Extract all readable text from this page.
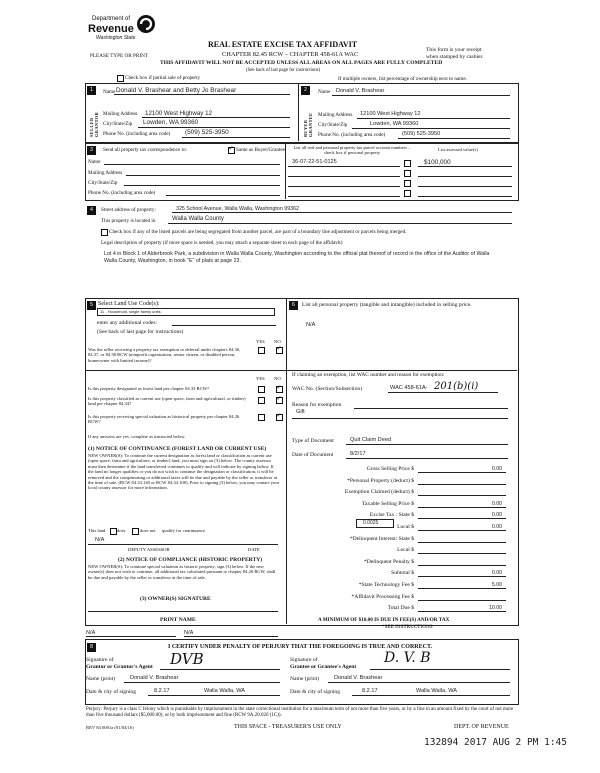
Department of
Revenue
Washington State
REAL ESTATE EXCISE TAX AFFIDAVIT
CHAPTER 82.45 RCW – CHAPTER 458-61A WAC
THIS AFFIDAVIT WILL NOT BE ACCEPTED UNLESS ALL AREAS ON ALL PAGES ARE FULLY COMPLETED
(See back of last page for instructions)
PLEASE TYPE OR PRINT
This form is your receipt
when stamped by cashier.
Check box if partial sale of property	If multiple owners, list percentage of ownership next to name.
1
SELLER GRANTOR
Name Donald V. Brashear and Betty Jo Brashear
Mailing Address 12100 West Highway 12
City/State/Zip Lowden, WA 99360
Phone No. (including area code) (509) 525-3950
2
BUYER GRANTEE
Name Donald V. Brashear
Mailing Address 12100 West Highway 12
City/State/Zip	Lowden, WA 99360
Phone No. (including area code)	(509) 525-3950
3	Send all property tax correspondence to: ✓	Same as Buyer/Grantee
Name
Mailing Address
City/State/Zip
Phone No. (including area code)
List all real and personal property tax parcel account numbers – check box if personal property
List assessed value(s)
36-07-22-51-0125	$100,000
4	Street address of property:	325 School Avenue, Walla Walla, Washington 99362
This property is located in	Walla Walla County
Check box if any of the listed parcels are being segregated from another parcel, are part of a boundary line adjustment or parcels being merged.
Legal description of property (if more space is needed, you may attach a separate sheet to each page of the affidavit)
Lot 4 in Block 1 of Alderbrook Park, a subdivision in Walla Walla County, Washington according to the official plat thereof of record in the office of the Auditor of Walla Walla County, Washington, in book "E" of plats at page 23.
5 Select Land Use Code(s):
11 - Household, single family units
enter any additional codes:
(See back of last page for instructions)
YES NO
Was the seller receiving a property tax exemption or deferral under chapters 84.36, 84.37, or 84.38 RCW (nonprofit organization, senior citizen, or disabled person, homeowner with limited income)?
✓
6	List all personal property (tangible and intangible) included in selling price.
N/A
YES NO
Is this property designated as forest land per chapter 84.33 RCW?
✓
Is this property classified as current use (open space, farm and agricultural, or timber) land per chapter 84.34?
✓
Is this property receiving special valuation as historical property per chapter 84.26 RCW?
✓
If any answers are yes, complete as instructed below.
(1) NOTICE OF CONTINUANCE (FOREST LAND OR CURRENT USE)
NEW OWNER(S): To continue the current designation as forest land or classification as current use (open space, farm and agriculture, or timber) land, you must sign on (3) below. The county assessor must then determine if the land transferred continues to qualify and will indicate by signing below. If the land no longer qualifies or you do not wish to continue the designation or classification, it will be removed and the compensating or additional taxes will be due and payable by the seller or transferor at the time of sale. (RCW 84.33.140 or RCW 84.34.108). Prior to signing (3) below, you may contact your local county assessor for more information.
This land	does	does not qualify for continuance.
N/A
DEPUTY ASSESSOR	DATE
(2) NOTICE OF COMPLIANCE (HISTORIC PROPERTY)
NEW OWNER(S): To continue special valuation as historic property, sign (3) below. If the new owner(s) does not wish to continue, all additional tax calculated pursuant to chapter 84.26 RCW, shall be due and payable by the seller or transferor at the time of sale.
(3) OWNER(S) SIGNATURE
PRINT NAME
N/A	N/A
If claiming an exemption, list WAC number and reason for exemption:
WAC No. (Section/Subsection)	WAC 458-61A- 201(b)(i)
Reason for exemption
Gift
Type of Document	Quit Claim Deed
Date of Document	8/2/17
Gross Selling Price $	0.00
*Personal Property (deduct) $
Exemption Claimed (deduct) $
Taxable Selling Price $	0.00
Excise Tax : State $	0.00
Local $	0.00
*Delinquent Interest: State $
Local $
*Delinquent Penalty $
Subtotal $	0.00
*State Technology Fee $	5.00
*Affidavit Processing Fee $
Total Due $	10.00
0.0025
A MINIMUM OF $10.00 IS DUE IN FEE(S) AND/OR TAX
*SEE INSTRUCTIONS
8	I CERTIFY UNDER PENALTY OF PERJURY THAT THE FOREGOING IS TRUE AND CORRECT.
Signature of
Grantor or Grantor's Agent DVB	Signature of
Grantee or Grantee's Agent
D. V. B
Name (print)	Donald V. Brashear	Name (print)	Donald V. Brashear
Date & city of signing	8.2.17	Walla Walla, WA	Date & city of signing	8.2.17	Walla Walla, WA
Perjury: Perjury is a class C felony which is punishable by imprisonment in the state correctional institution for a maximum term of not more than five years, or by a fine in an amount fixed by the court of not more than five thousand dollars ($5,000.00), or by both imprisonment and fine (RCW 9A.20.020 (1C)).
REV 84 0001a (01/04/16)	THIS SPACE - TREASURER'S USE ONLY	DEPT. OF REVENUE
132894 2017 AUG 2 PM 1:45
